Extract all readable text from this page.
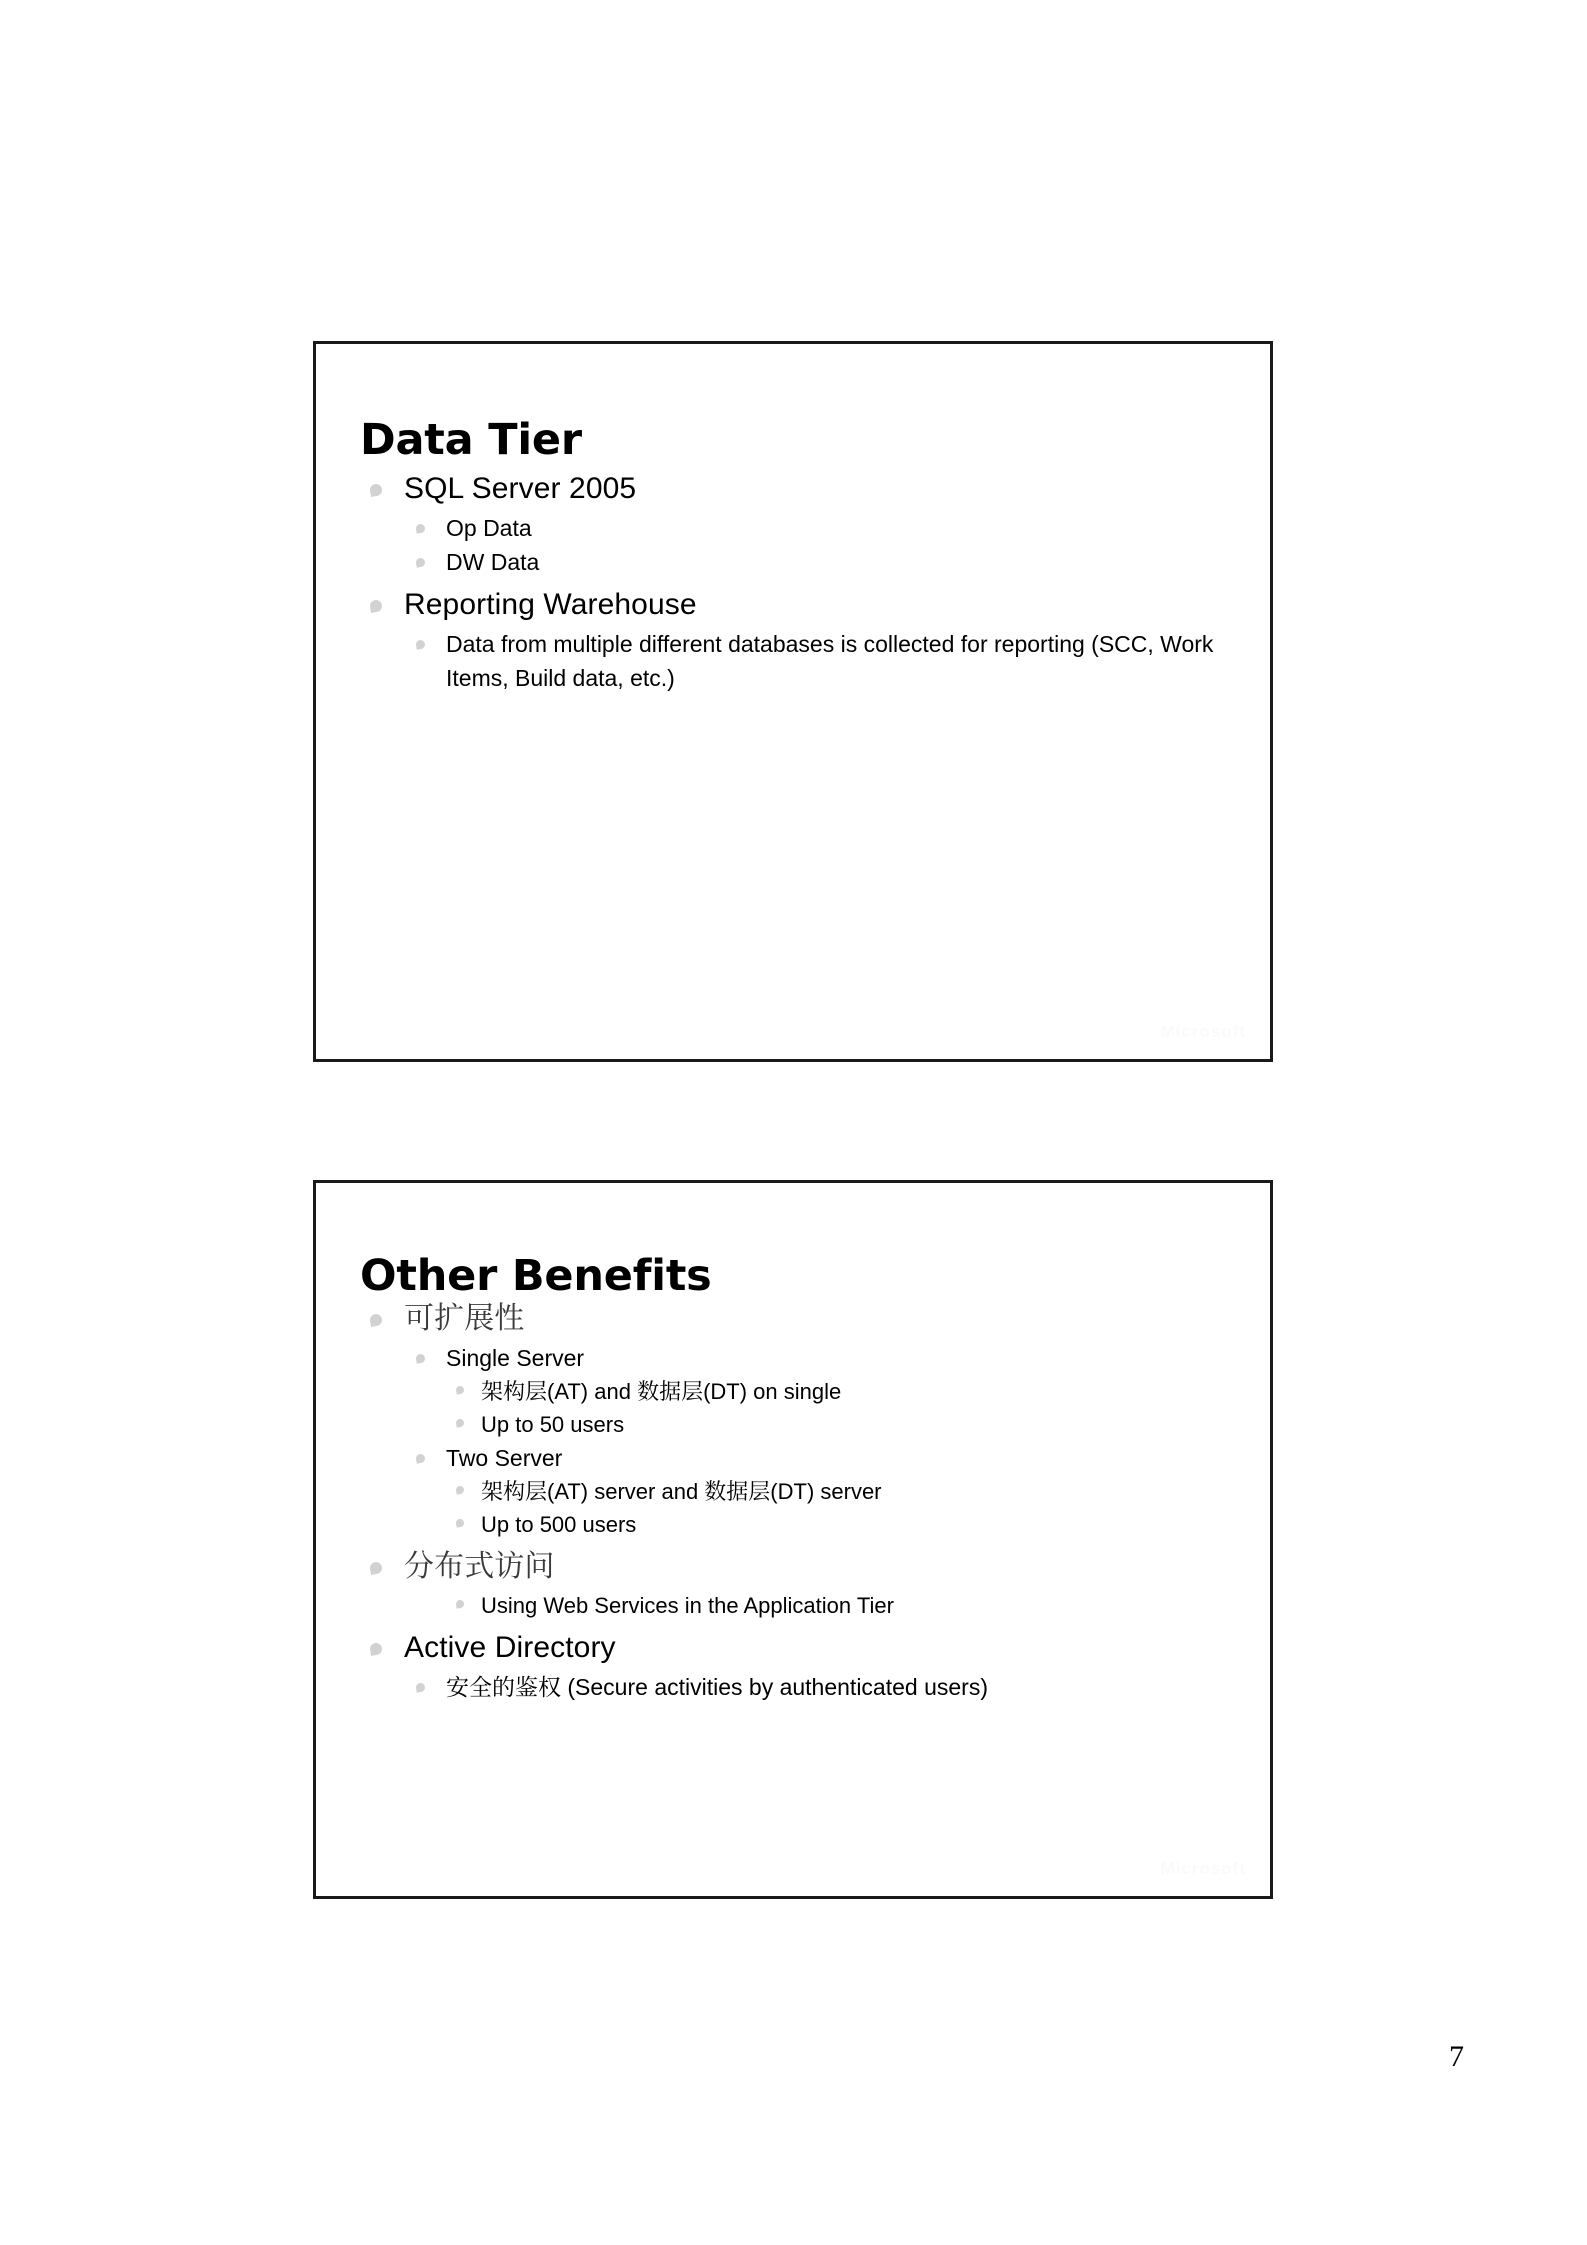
Data Tier
SQL Server 2005
Op Data
DW Data
Reporting Warehouse
Data from multiple different databases is collected for reporting (SCC, Work Items, Build data, etc.)
Microsoft
Other Benefits
可扩展性
Single Server
架构层(AT) and 数据层(DT) on single
Up to 50 users
Two Server
架构层(AT) server and 数据层(DT) server
Up to 500 users
分布式访问
Using Web Services in the Application Tier
Active Directory
安全的鉴权 (Secure activities by authenticated users)
Microsoft
7
